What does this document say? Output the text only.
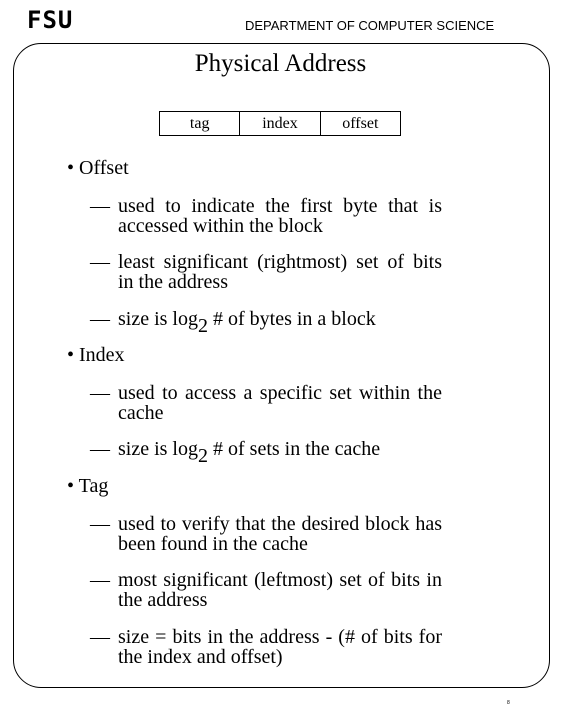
FSU	DEPARTMENT OF COMPUTER SCIENCE
Physical Address
tag	index	offset
• Offset
— used to indicate the first byte that is accessed within the block
— least significant (rightmost) set of bits in the address
— size is $\log_2$ # of bytes in a block
• Index
— used to access a specific set within the cache
— size is $\log_2$ # of sets in the cache
• Tag
— used to verify that the desired block has been found in the cache
— most significant (leftmost) set of bits in the address
— size = bits in the address - (# of bits for the index and offset)
8
